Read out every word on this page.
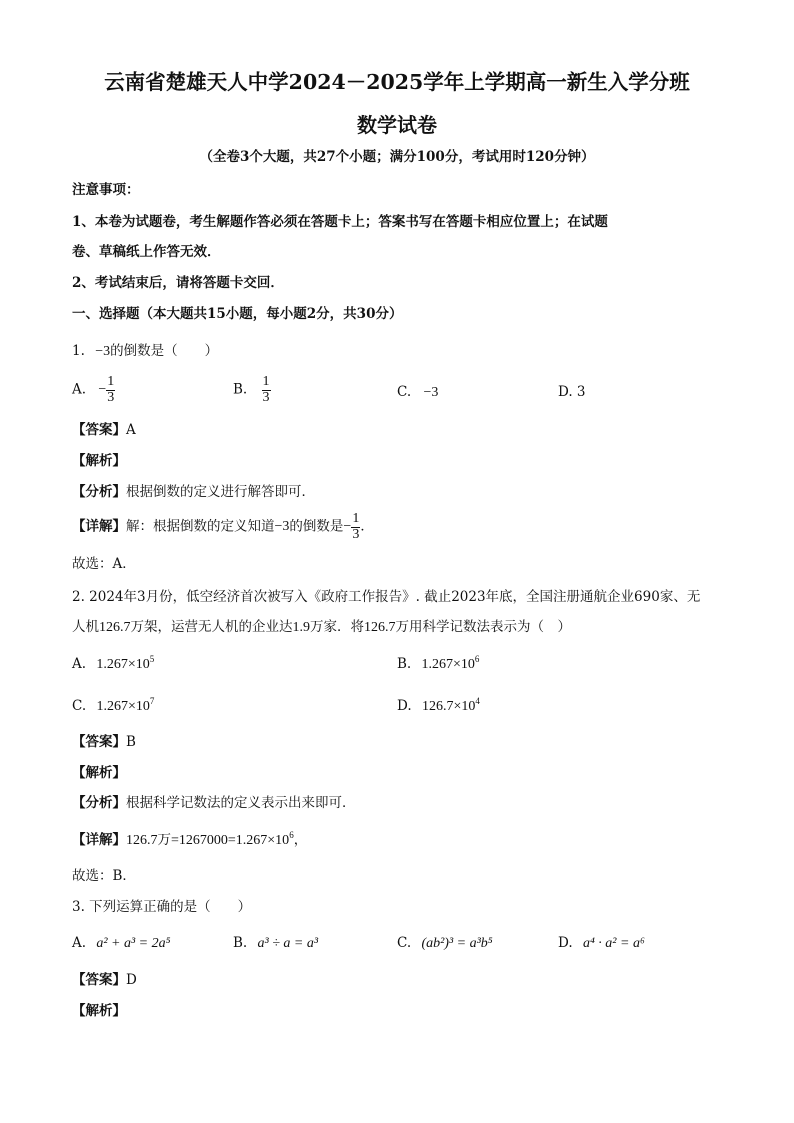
云南省楚雄天人中学2024－2025学年上学期高一新生入学分班
数学试卷
（全卷3个大题，共27个小题；满分100分，考试用时120分钟）
注意事项：
1、本卷为试题卷，考生解题作答必须在答题卡上；答案书写在答题卡相应位置上；在试题
卷、草稿纸上作答无效．
2、考试结束后，请将答题卡交回．
一、选择题（本大题共15小题，每小题2分，共30分）
1. −3的倒数是（　　）
A. − $\frac{1}{3}$	B. $\frac{1}{3}$	C. −3	D. 3
【答案】A
【解析】
【分析】根据倒数的定义进行解答即可．
【详解】解：根据倒数的定义知道−3的倒数是− $\frac{1}{3}$ ．
故选：A．
2. 2024年3月份，低空经济首次被写入《政府工作报告》. 截止2023年底，全国注册通航企业690家、无
人机126.7万架，运营无人机的企业达1.9万家．将126.7万用科学记数法表示为（　）
A. $1.267\times 10^5$	B. $1.267\times 10^6$
C. $1.267\times 10^7$	D. $126.7\times 10^4$
【答案】B
【解析】
【分析】根据科学记数法的定义表示出来即可．
【详解】126.7万$=1267000=1.267\times 10^6$，
故选：B．
3. 下列运算正确的是（　　）
A. a² + a³ = 2a⁵	B. a³ ÷ a = a³	C. (ab²)³ = a³b⁵	D. a⁴ · a² = a⁶
【答案】D
【解析】
